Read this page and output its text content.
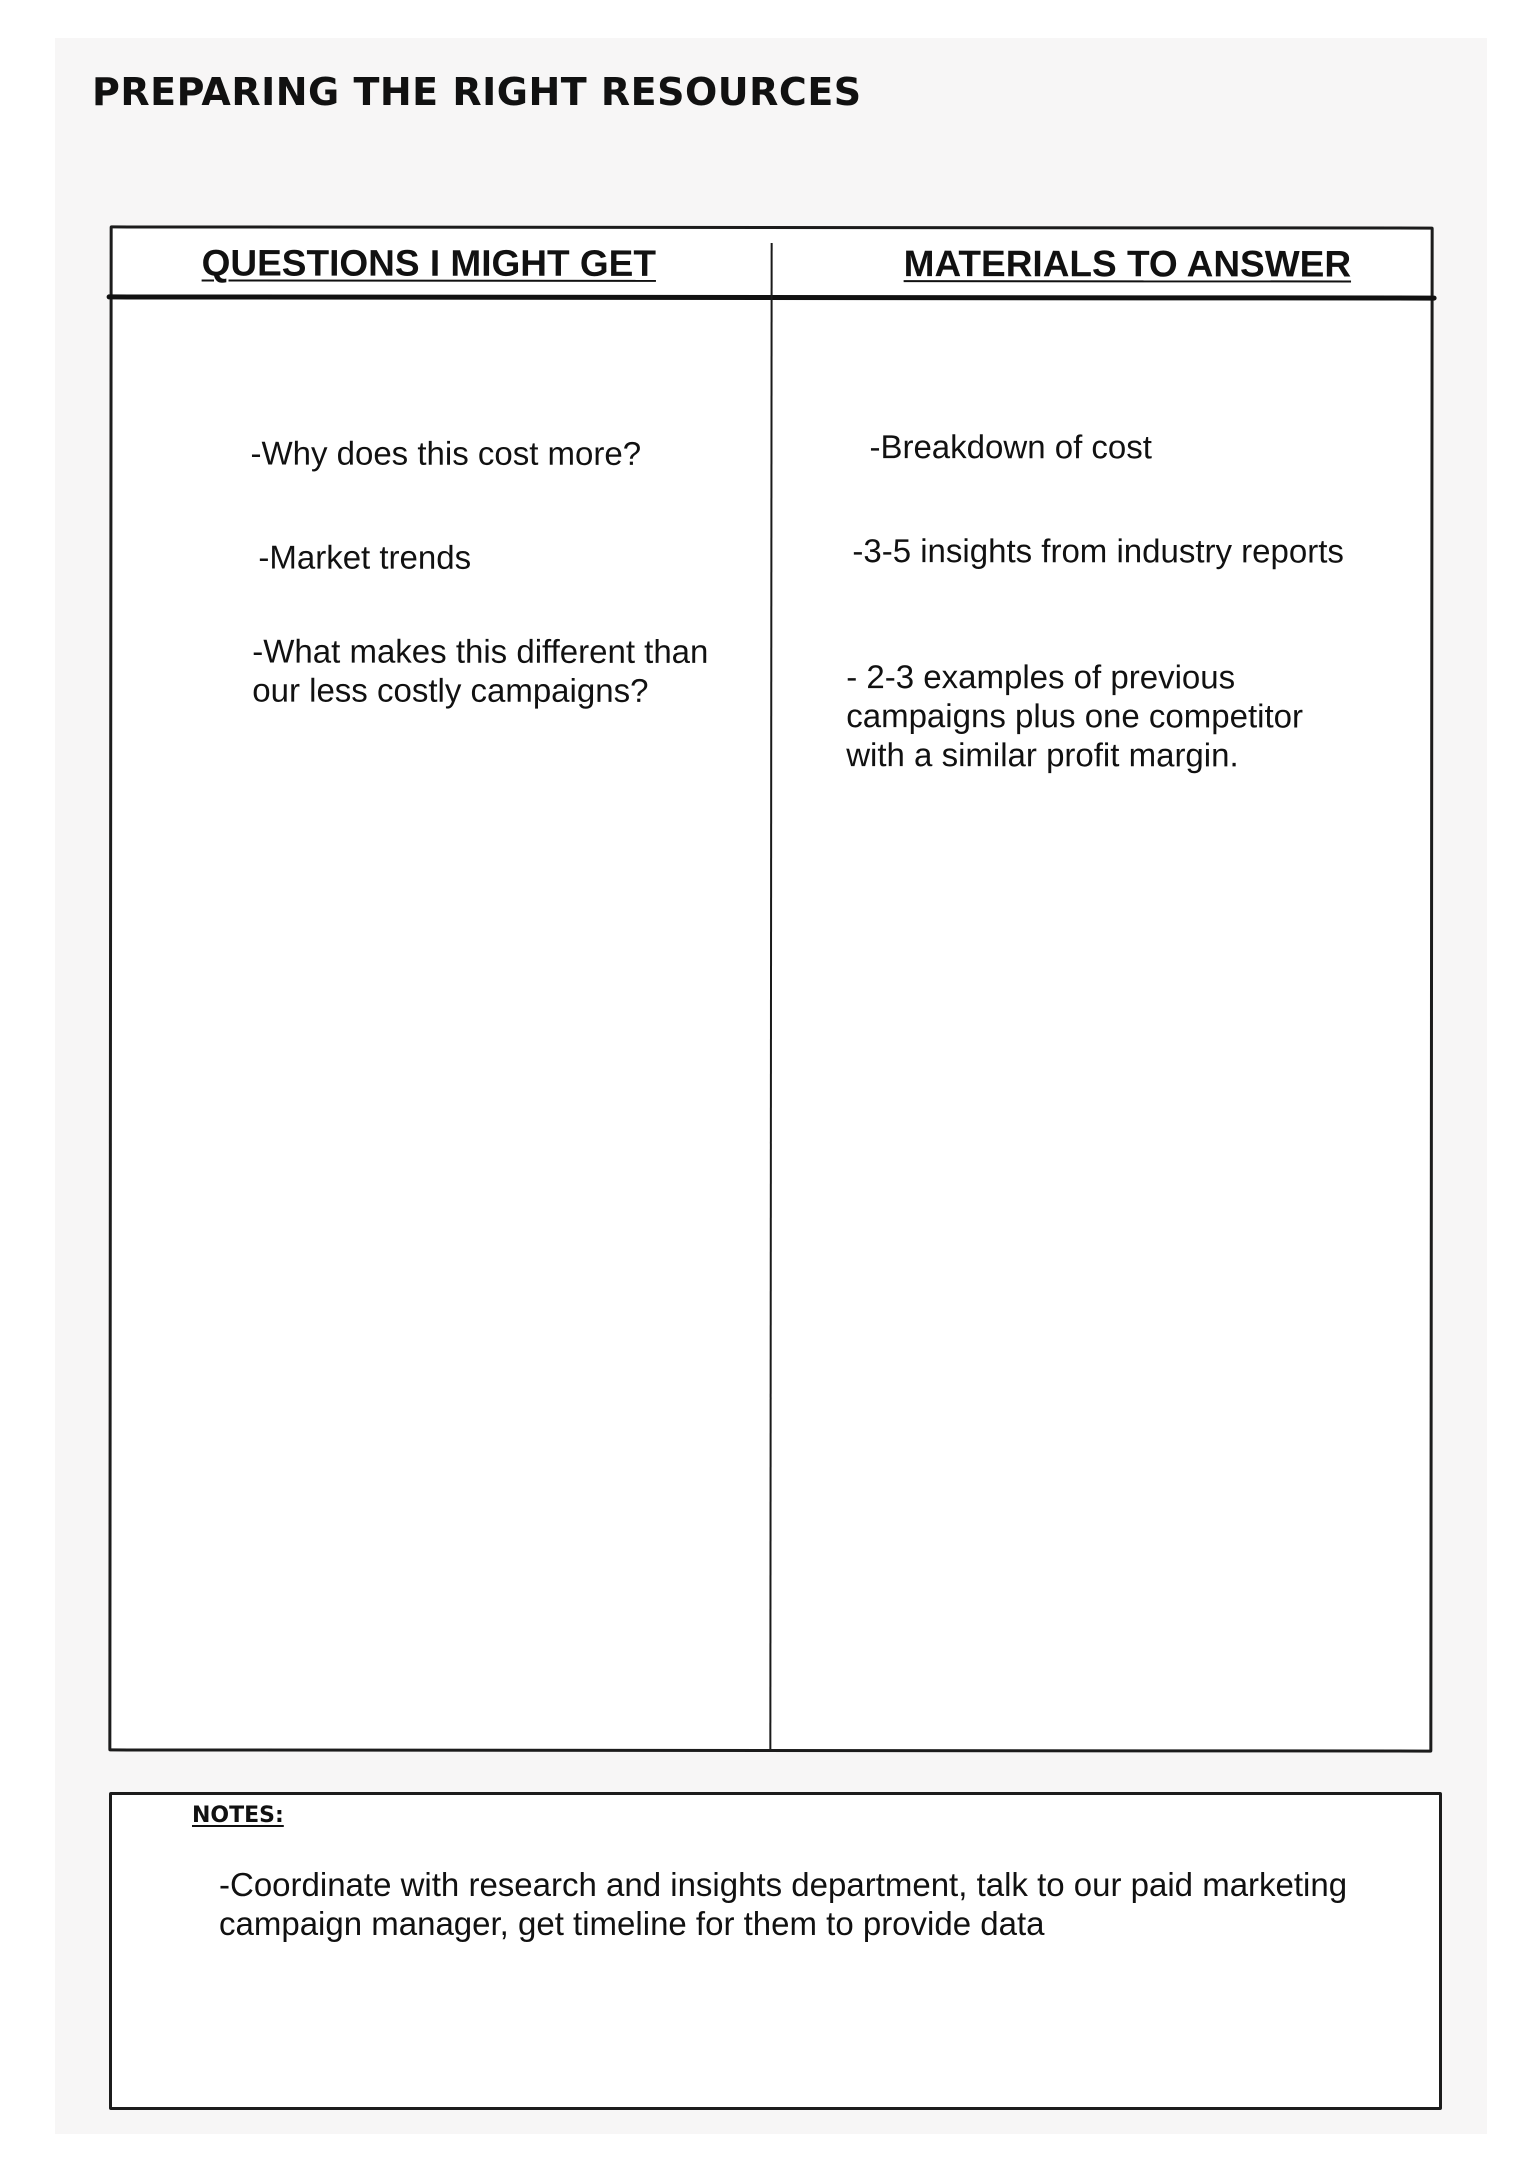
PREPARING THE RIGHT RESOURCES
QUESTIONS I MIGHT GET	MATERIALS TO ANSWER

-Why does this cost more?

-Market trends

-What makes this different than our less costly campaigns?

-Breakdown of cost

-3-5 insights from industry reports

- 2-3 examples of previous campaigns plus one competitor with a similar profit margin.

NOTES:

-Coordinate with research and insights department, talk to our paid marketing campaign manager, get timeline for them to provide data
